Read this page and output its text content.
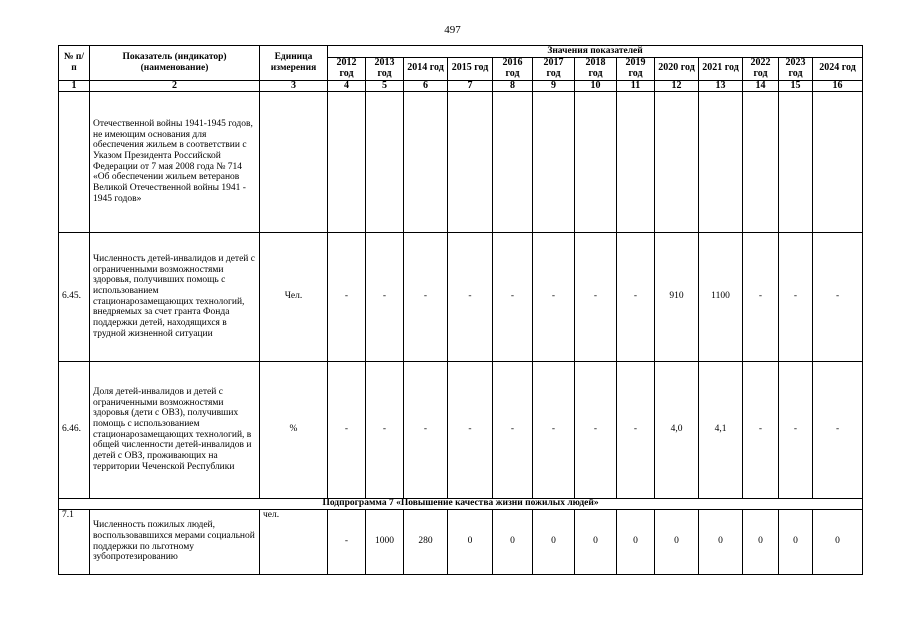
497
№ п/п	Показатель (индикатор) (наименование)	Единица измерения	Значения показателей												
			2012 год	2013 год	2014 год	2015 год	2016 год	2017 год	2018 год	2019 год	2020 год	2021 год	2022 год	2023 год	2024 год
1	2	3	4	5	6	7	8	9	10	11	12	13	14	15	16
	Отечественной войны 1941-1945 годов, не имеющим основания для обеспечения жильем в соответствии с Указом Президента Российской Федерации от 7 мая 2008 года № 714 «Об обеспечении жильем ветеранов Великой Отечественной войны 1941 - 1945 годов»														
6.45.	Численность детей-инвалидов и детей с ограниченными возможностями здоровья, получивших помощь с использованием стационарозамещающих технологий, внедряемых за счет гранта Фонда поддержки детей, находящихся в трудной жизненной ситуации	Чел.	-	-	-	-	-	-	-	-	910	1100	-	-	-
6.46.	Доля детей-инвалидов и детей с ограниченными возможностями здоровья (дети с ОВЗ), получивших помощь с использованием стационарозамещающих технологий, в общей численности детей-инвалидов и детей с ОВЗ, проживающих на территории Чеченской Республики	%	-	-	-	-	-	-	-	-	4,0	4,1	-	-	-
Подпрограмма 7 «Повышение качества жизни пожилых людей»															
7.1	Численность пожилых людей, воспользовавшихся мерами социальной поддержки по льготному зубопротезированию	чел.	-	1000	280	0	0	0	0	0	0	0	0	0	0
